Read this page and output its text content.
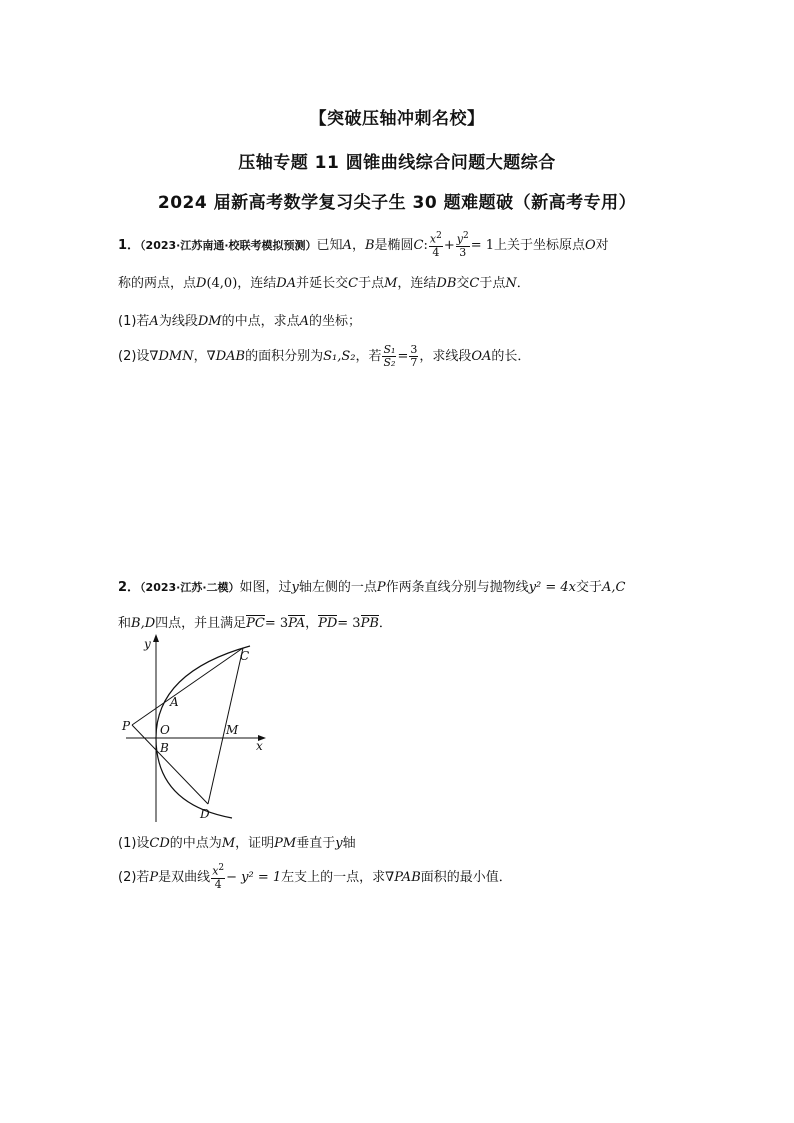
【突破压轴冲刺名校】
压轴专题 11 圆锥曲线综合问题大题综合
2024 届新高考数学复习尖子生 30 题难题破（新高考专用）
1．（2023·江苏南通·校联考模拟预测）已知A，B是椭圆C: $\frac{x^2}{4} + \frac{y^2}{3} = 1$上关于坐标原点O对
称的两点，点D(4,0)，连结DA并延长交C于点M，连结DB交C于点N．
(1)若A为线段DM的中点，求点A的坐标；
(2)设∇DMN，∇DAB的面积分别为S₁,S₂，若 $\frac{\text{S₁}}{\text{S₂}} = \frac{3}{7}$ ，求线段OA的长．
2．（2023·江苏·二模）如图，过y轴左侧的一点P作两条直线分别与抛物线y² = 4x交于A,C
和B,D四点，并且满足PC= 3PA，PD= 3PB．
y
x
P O
A
B
C
D
M
(1)设CD的中点为M，证明PM垂直于y轴
(2)若P是双曲线 $\frac{x^2}{4} - y^2 = 1$左支上的一点，求∇PAB面积的最小值．
